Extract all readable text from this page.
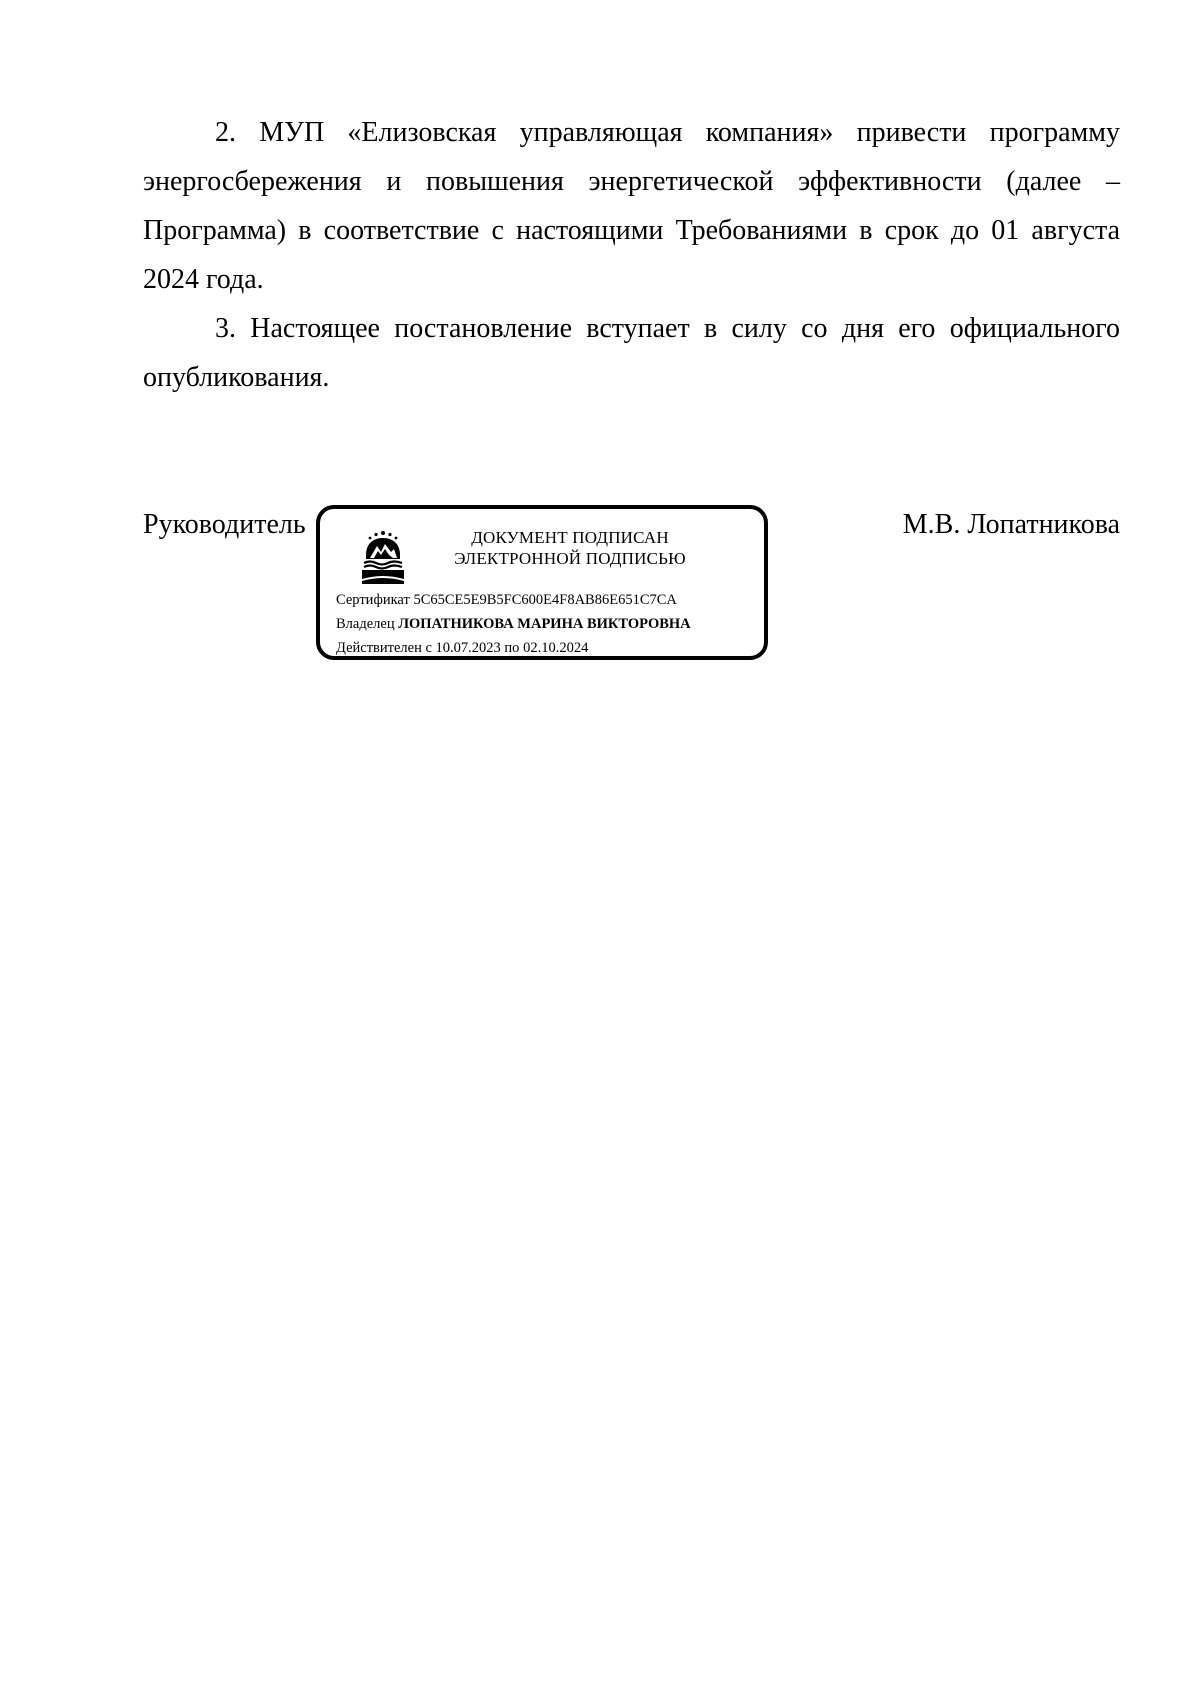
2. МУП «Елизовская управляющая компания» привести программу энергосбережения и повышения энергетической эффективности (далее – Программа) в соответствие с настоящими Требованиями в срок до 01 августа 2024 года.

3. Настоящее постановление вступает в силу со дня его официального опубликования.

Руководитель	М.В. Лопатникова
ДОКУМЕНТ ПОДПИСАН
ЭЛЕКТРОННОЙ ПОДПИСЬЮ
Сертификат 5C65CE5E9B5FC600E4F8AB86E651C7CA
Владелец ЛОПАТНИКОВА МАРИНА ВИКТОРОВНА
Действителен с 10.07.2023 по 02.10.2024
